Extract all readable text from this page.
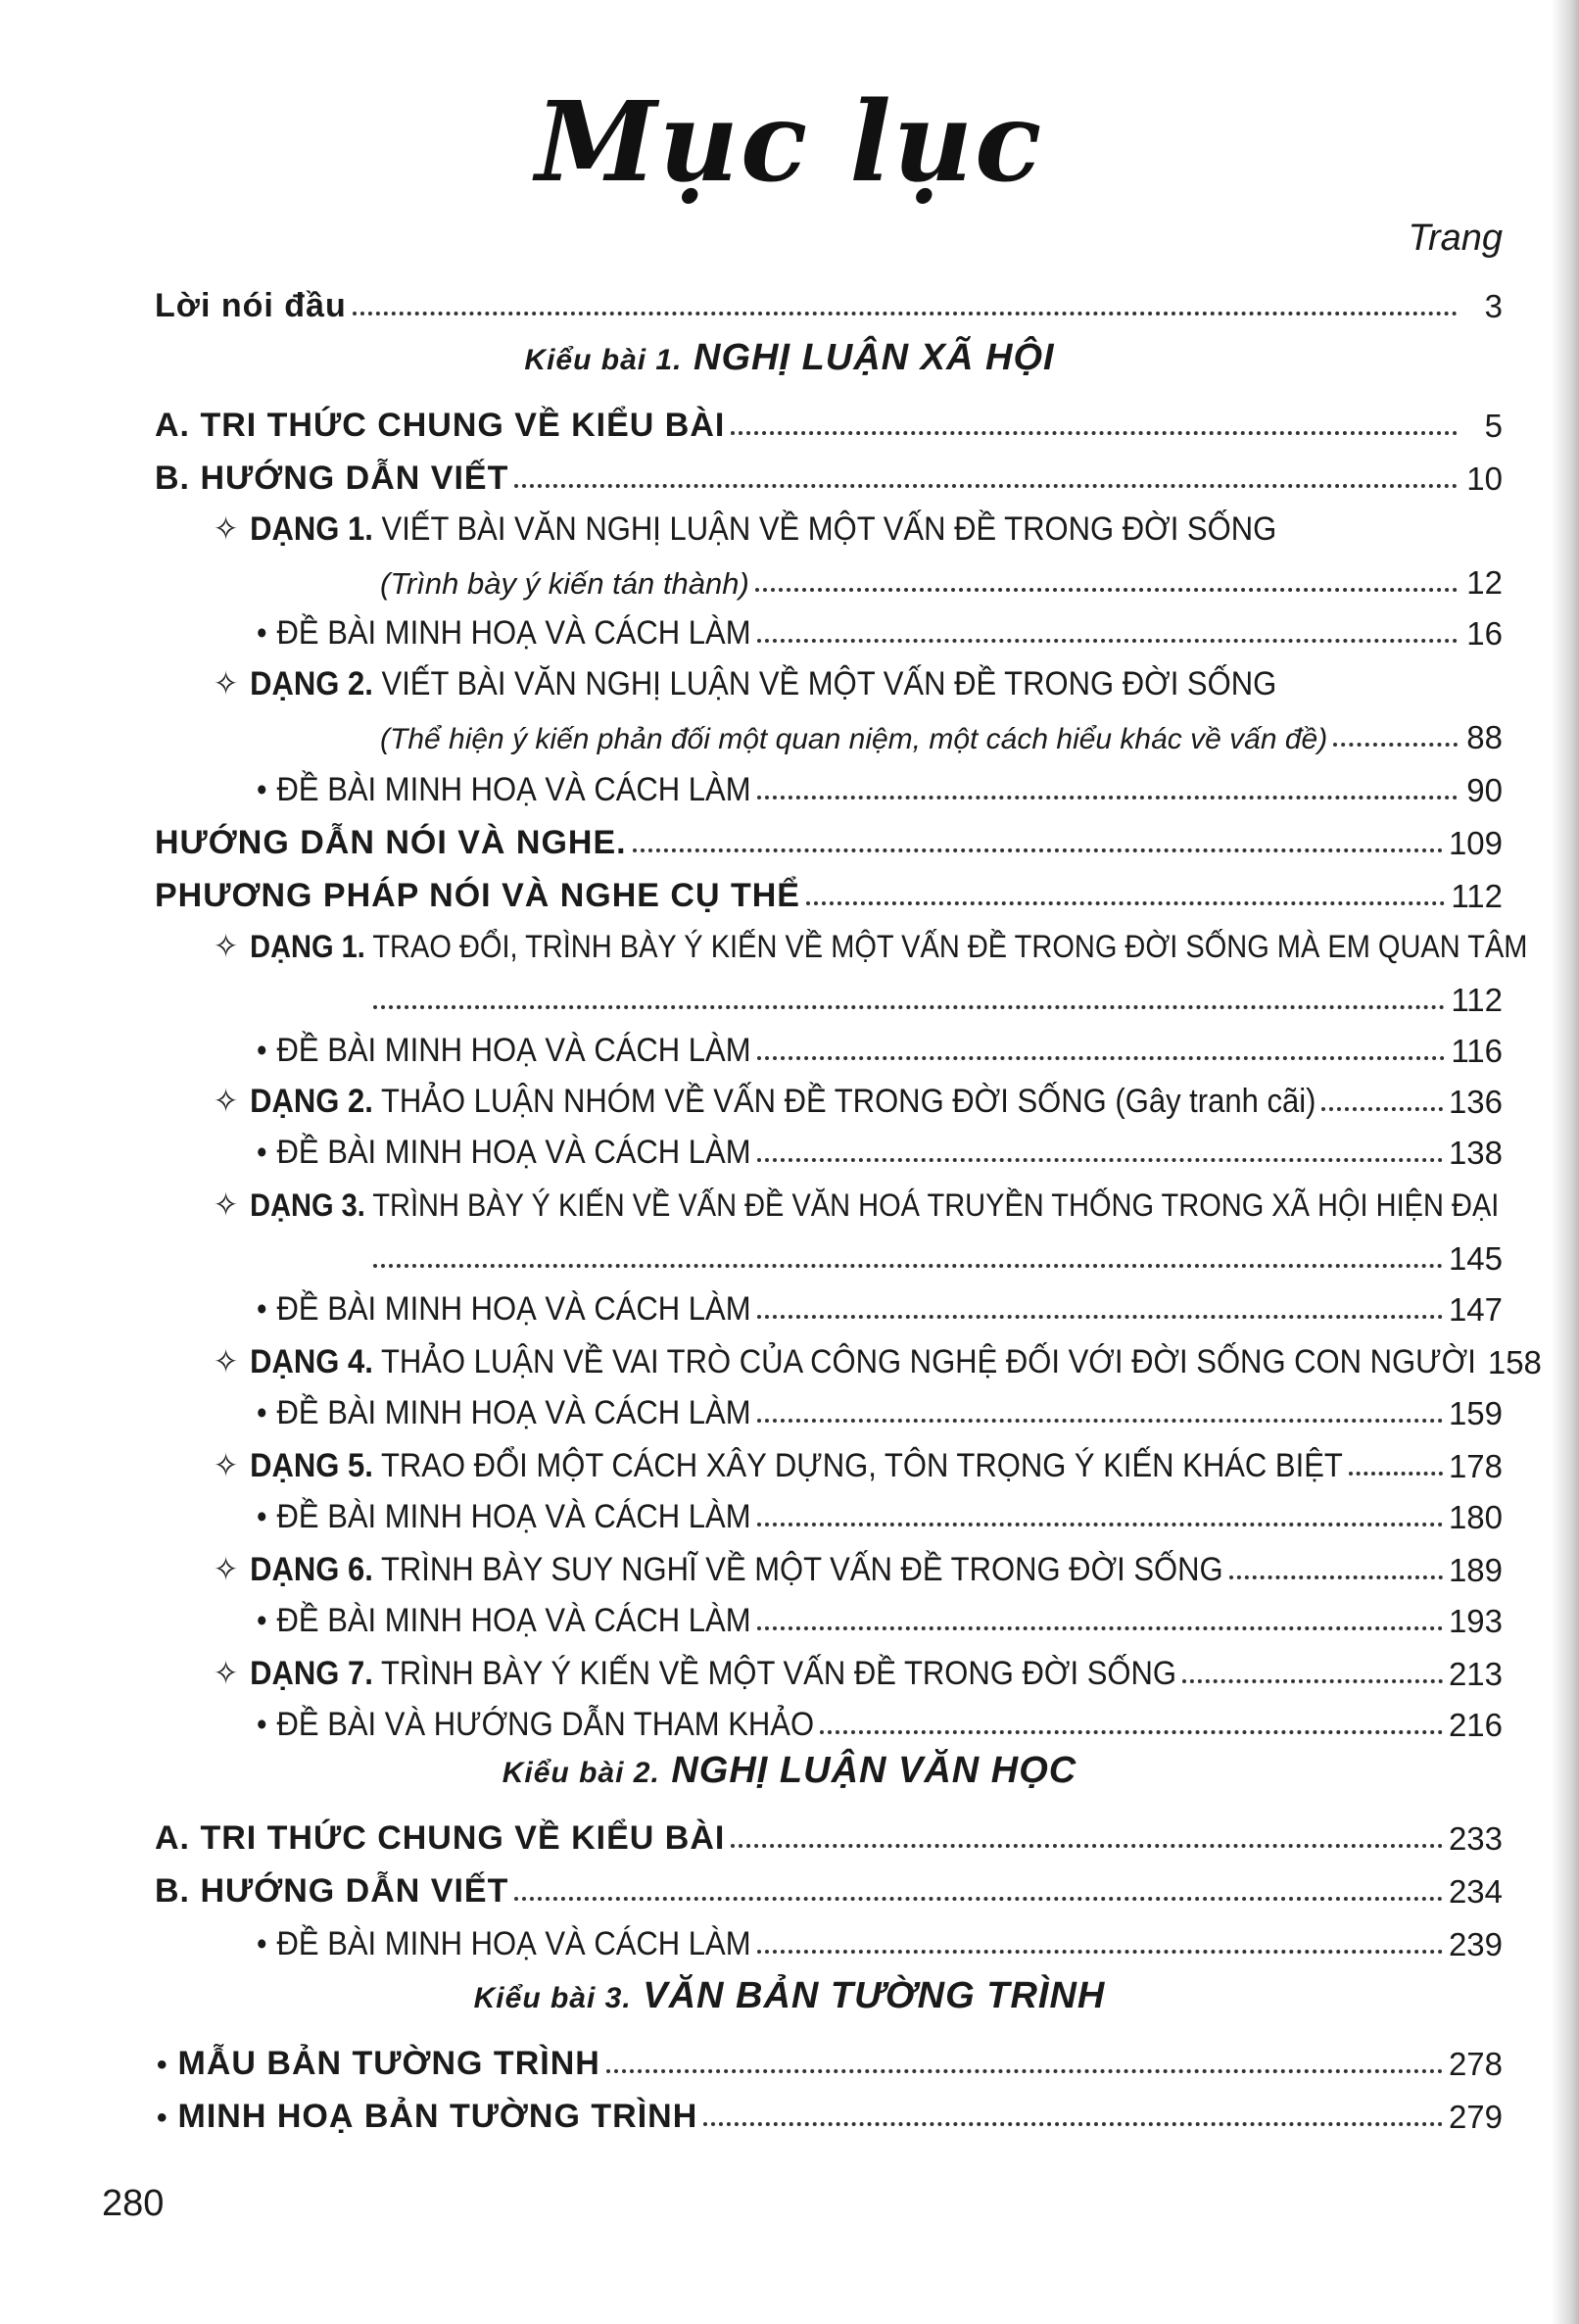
Mục lục
Trang
Lời nói đầu	3
Kiểu bài 1. NGHỊ LUẬN XÃ HỘI
A. TRI THỨC CHUNG VỀ KIỂU BÀI	5
B. HƯỚNG DẪN VIẾT	10
✧ DẠNG 1. VIẾT BÀI VĂN NGHỊ LUẬN VỀ MỘT VẤN ĐỀ TRONG ĐỜI SỐNG
(Trình bày ý kiến tán thành)	12
• ĐỀ BÀI MINH HOẠ VÀ CÁCH LÀM	16
✧ DẠNG 2. VIẾT BÀI VĂN NGHỊ LUẬN VỀ MỘT VẤN ĐỀ TRONG ĐỜI SỐNG
(Thể hiện ý kiến phản đối một quan niệm, một cách hiểu khác về vấn đề)	88
• ĐỀ BÀI MINH HOẠ VÀ CÁCH LÀM	90
HƯỚNG DẪN NÓI VÀ NGHE.	109
PHƯƠNG PHÁP NÓI VÀ NGHE CỤ THỂ	112
✧ DẠNG 1. TRAO ĐỔI, TRÌNH BÀY Ý KIẾN VỀ MỘT VẤN ĐỀ TRONG ĐỜI SỐNG MÀ EM QUAN TÂM
112
• ĐỀ BÀI MINH HOẠ VÀ CÁCH LÀM	116
✧ DẠNG 2. THẢO LUẬN NHÓM VỀ VẤN ĐỀ TRONG ĐỜI SỐNG (Gây tranh cãi)	136
• ĐỀ BÀI MINH HOẠ VÀ CÁCH LÀM	138
✧ DẠNG 3. TRÌNH BÀY Ý KIẾN VỀ VẤN ĐỀ VĂN HOÁ TRUYỀN THỐNG TRONG XÃ HỘI HIỆN ĐẠI
145
• ĐỀ BÀI MINH HOẠ VÀ CÁCH LÀM	147
✧ DẠNG 4. THẢO LUẬN VỀ VAI TRÒ CỦA CÔNG NGHỆ ĐỐI VỚI ĐỜI SỐNG CON NGƯỜI 158
• ĐỀ BÀI MINH HOẠ VÀ CÁCH LÀM	159
✧ DẠNG 5. TRAO ĐỔI MỘT CÁCH XÂY DỰNG, TÔN TRỌNG Ý KIẾN KHÁC BIỆT	178
• ĐỀ BÀI MINH HOẠ VÀ CÁCH LÀM	180
✧ DẠNG 6. TRÌNH BÀY SUY NGHĨ VỀ MỘT VẤN ĐỀ TRONG ĐỜI SỐNG	189
• ĐỀ BÀI MINH HOẠ VÀ CÁCH LÀM	193
✧ DẠNG 7. TRÌNH BÀY Ý KIẾN VỀ MỘT VẤN ĐỀ TRONG ĐỜI SỐNG	213
• ĐỀ BÀI VÀ HƯỚNG DẪN THAM KHẢO	216
Kiểu bài 2. NGHỊ LUẬN VĂN HỌC
A. TRI THỨC CHUNG VỀ KIỂU BÀI	233
B. HƯỚNG DẪN VIẾT	234
• ĐỀ BÀI MINH HOẠ VÀ CÁCH LÀM	239
Kiểu bài 3. VĂN BẢN TƯỜNG TRÌNH
• MẪU BẢN TƯỜNG TRÌNH	278
• MINH HOẠ BẢN TƯỜNG TRÌNH	279
280
